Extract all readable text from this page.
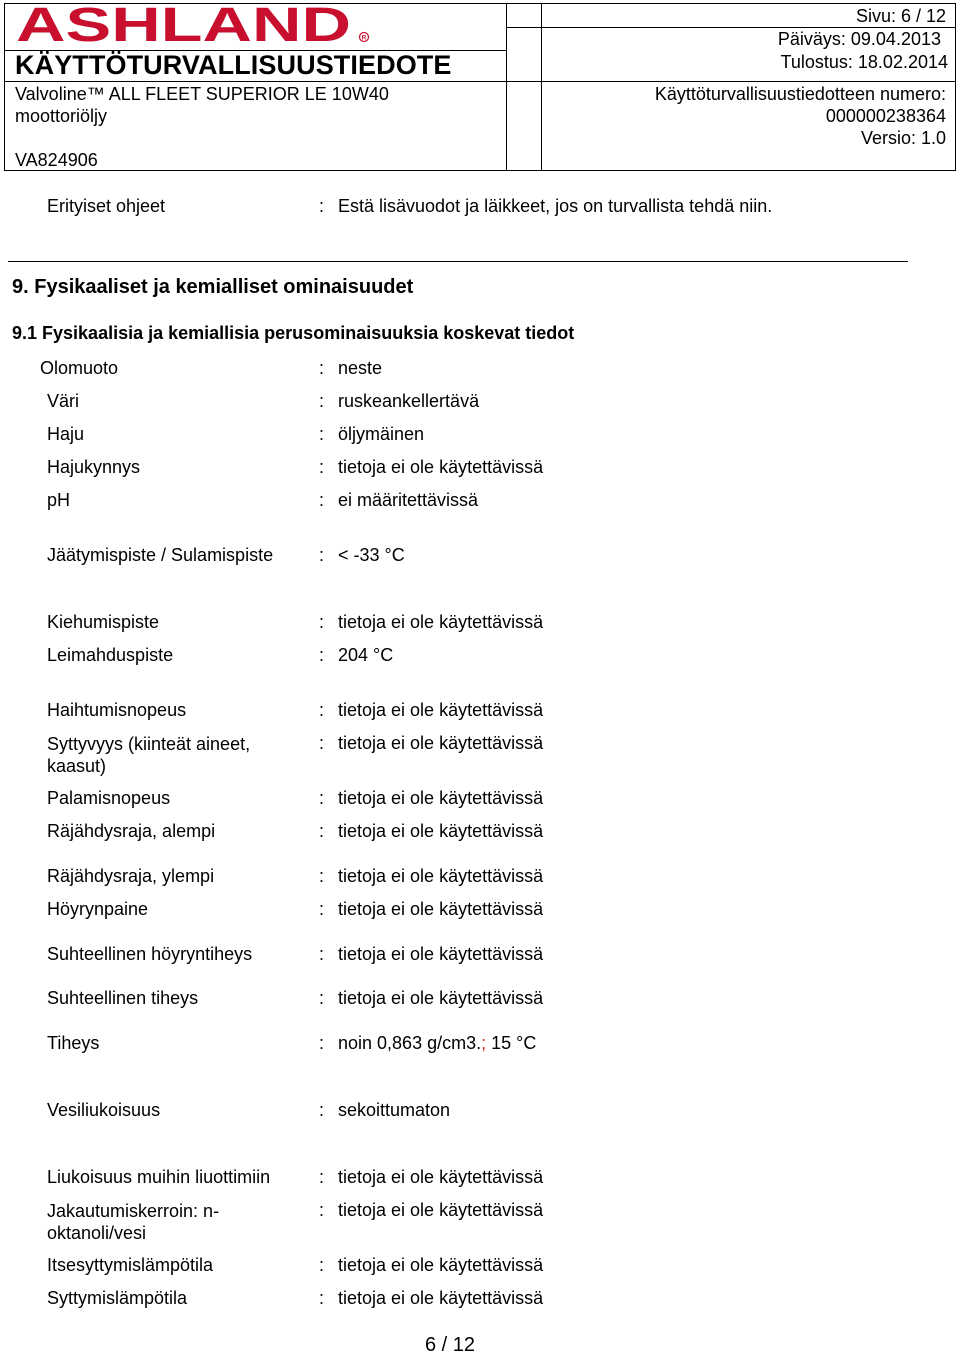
ASHLAND R
KÄYTTÖTURVALLISUUSTIEDOTE
Valvoline™ ALL FLEET SUPERIOR LE 10W40
moottoriöljy
VA824906
Sivu: 6 / 12
Päiväys: 09.04.2013
Tulostus: 18.02.2014
Käyttöturvallisuustiedotteen numero:
000000238364
Versio: 1.0
Erityiset ohjeet	: Estä lisävuodot ja läikkeet, jos on turvallista tehdä niin.
9. Fysikaaliset ja kemialliset ominaisuudet
9.1 Fysikaalisia ja kemiallisia perusominaisuuksia koskevat tiedot
Olomuoto	: neste
Väri	: ruskeankellertävä
Haju	: öljymäinen
Hajukynnys	: tietoja ei ole käytettävissä
pH	: ei määritettävissä
Jäätymispiste / Sulamispiste	: < -33 °C
Kiehumispiste	: tietoja ei ole käytettävissä
Leimahduspiste	: 204 °C
Haihtumisnopeus	: tietoja ei ole käytettävissä
Syttyvyys (kiinteät aineet, kaasut)
: tietoja ei ole käytettävissä
Palamisnopeus	: tietoja ei ole käytettävissä
Räjähdysraja, alempi	: tietoja ei ole käytettävissä
Räjähdysraja, ylempi	: tietoja ei ole käytettävissä
Höyrynpaine	: tietoja ei ole käytettävissä
Suhteellinen höyryntiheys	: tietoja ei ole käytettävissä
Suhteellinen tiheys	: tietoja ei ole käytettävissä
Tiheys	: noin 0,863 g/cm3.; 15 °C
Vesiliukoisuus	: sekoittumaton
Liukoisuus muihin liuottimiin	: tietoja ei ole käytettävissä
Jakautumiskerroin: n-oktanoli/vesi
: tietoja ei ole käytettävissä
Itsesyttymislämpötila	: tietoja ei ole käytettävissä
Syttymislämpötila	: tietoja ei ole käytettävissä
6 / 12
